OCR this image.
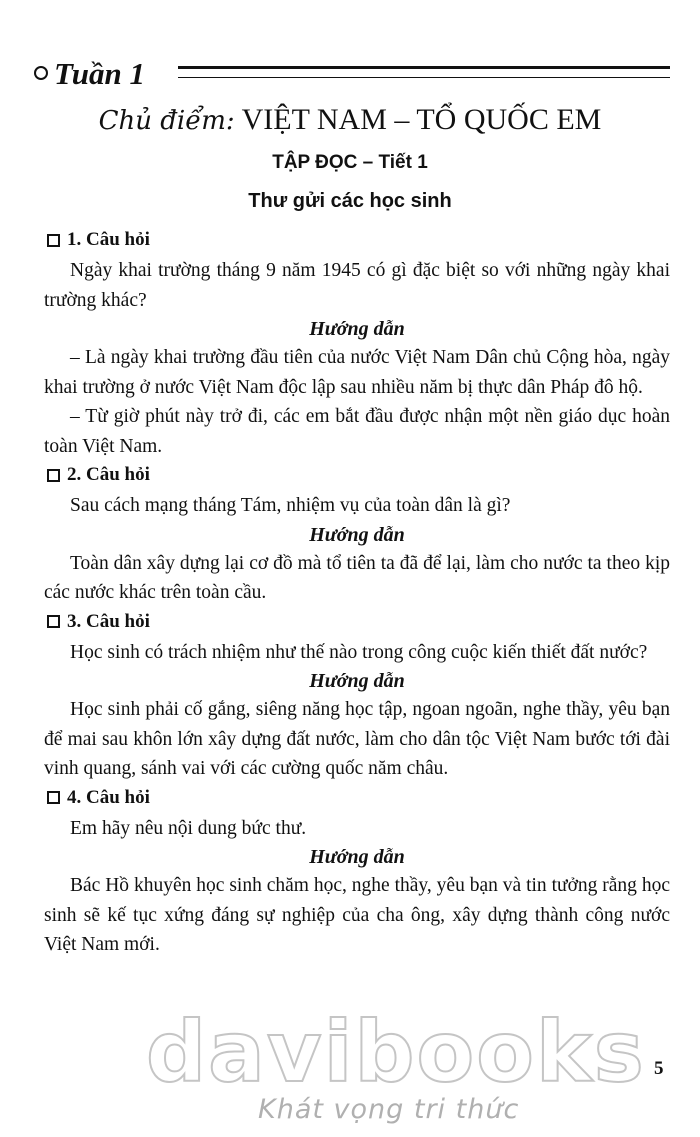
Tuần 1
Chủ điểm: VIỆT NAM – TỔ QUỐC EM
TẬP ĐỌC – Tiết 1
Thư gửi các học sinh
1. Câu hỏi

Ngày khai trường tháng 9 năm 1945 có gì đặc biệt so với những ngày khai trường khác?

Hướng dẫn

– Là ngày khai trường đầu tiên của nước Việt Nam Dân chủ Cộng hòa, ngày khai trường ở nước Việt Nam độc lập sau nhiều năm bị thực dân Pháp đô hộ.

– Từ giờ phút này trở đi, các em bắt đầu được nhận một nền giáo dục hoàn toàn Việt Nam.

2. Câu hỏi

Sau cách mạng tháng Tám, nhiệm vụ của toàn dân là gì?

Hướng dẫn

Toàn dân xây dựng lại cơ đồ mà tổ tiên ta đã để lại, làm cho nước ta theo kịp các nước khác trên toàn cầu.

3. Câu hỏi

Học sinh có trách nhiệm như thế nào trong công cuộc kiến thiết đất nước?

Hướng dẫn

Học sinh phải cố gắng, siêng năng học tập, ngoan ngoãn, nghe thầy, yêu bạn để mai sau khôn lớn xây dựng đất nước, làm cho dân tộc Việt Nam bước tới đài vinh quang, sánh vai với các cường quốc năm châu.

4. Câu hỏi

Em hãy nêu nội dung bức thư.

Hướng dẫn

Bác Hồ khuyên học sinh chăm học, nghe thầy, yêu bạn và tin tưởng rằng học sinh sẽ kế tục xứng đáng sự nghiệp của cha ông, xây dựng thành công nước Việt Nam mới.

davibooks 5
Khát vọng tri thức
